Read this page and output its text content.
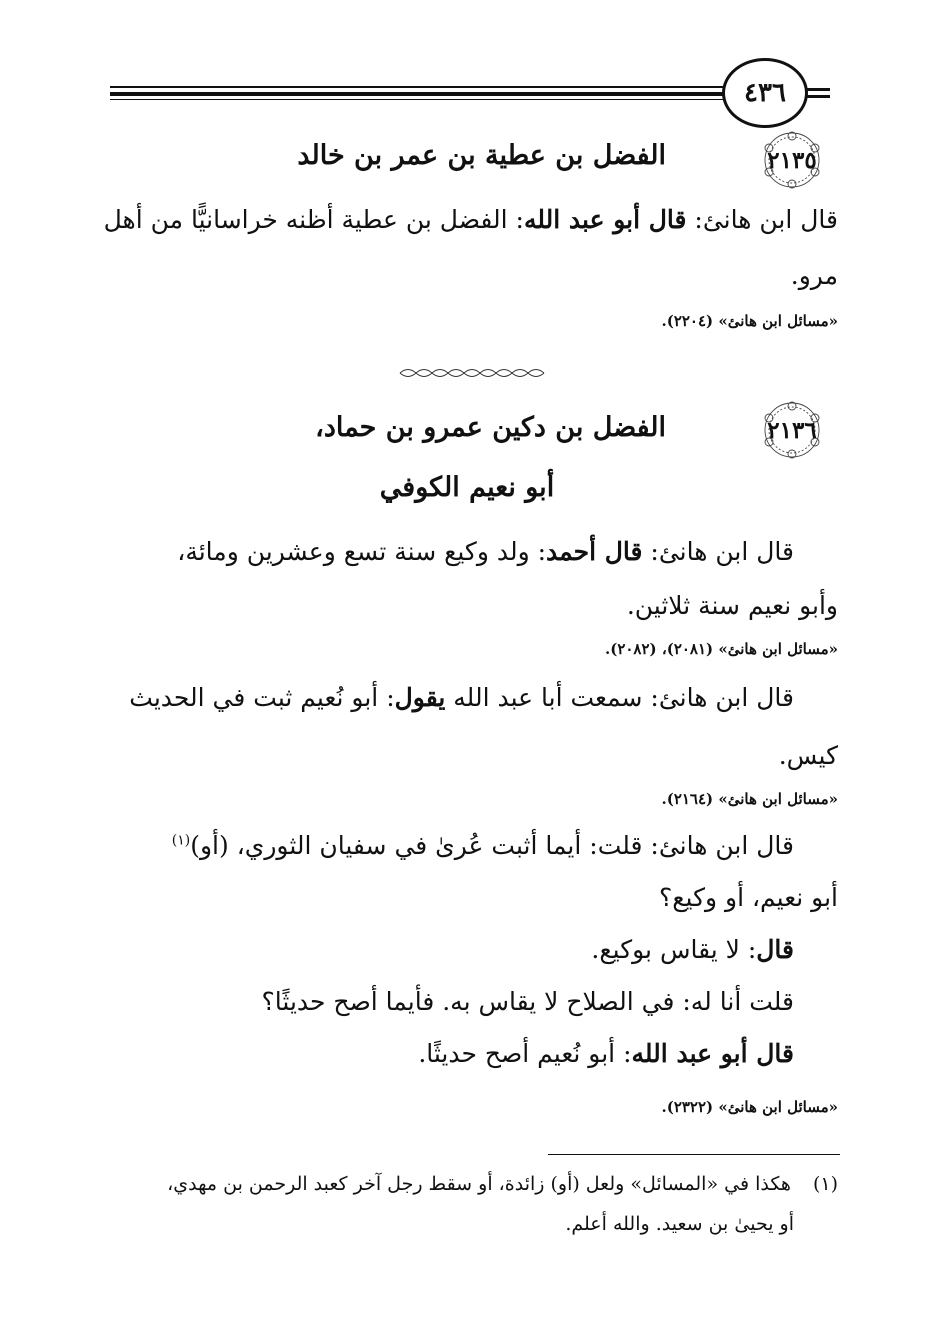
٤٣٦
٢١٣٥
الفضل بن عطية بن عمر بن خالد
قال ابن هانئ: قال أبو عبد الله: الفضل بن عطية أظنه خراسانيًّا من أهل مرو.
«مسائل ابن هانئ» (٢٢٠٤).
٢١٣٦
الفضل بن دكين عمرو بن حماد،
أبو نعيم الكوفي
قال ابن هانئ: قال أحمد: ولد وكيع سنة تسع وعشرين ومائة،
وأبو نعيم سنة ثلاثين.
«مسائل ابن هانئ» (٢٠٨١)، (٢٠٨٢).
قال ابن هانئ: سمعت أبا عبد الله يقول: أبو نُعيم ثبت في الحديث
كيس.
«مسائل ابن هانئ» (٢١٦٤).
قال ابن هانئ: قلت: أيما أثبت عُرىٰ في سفيان الثوري، (أو)$^{(١)}$
أبو نعيم، أو وكيع؟
قال: لا يقاس بوكيع.
قلت أنا له: في الصلاح لا يقاس به. فأيما أصح حديثًا؟
قال أبو عبد الله: أبو نُعيم أصح حديثًا.
«مسائل ابن هانئ» (٢٣٢٢).
(١)  هكذا في «المسائل» ولعل (أو) زائدة، أو سقط رجل آخر كعبد الرحمن بن مهدي،
أو يحيىٰ بن سعيد. والله أعلم.
